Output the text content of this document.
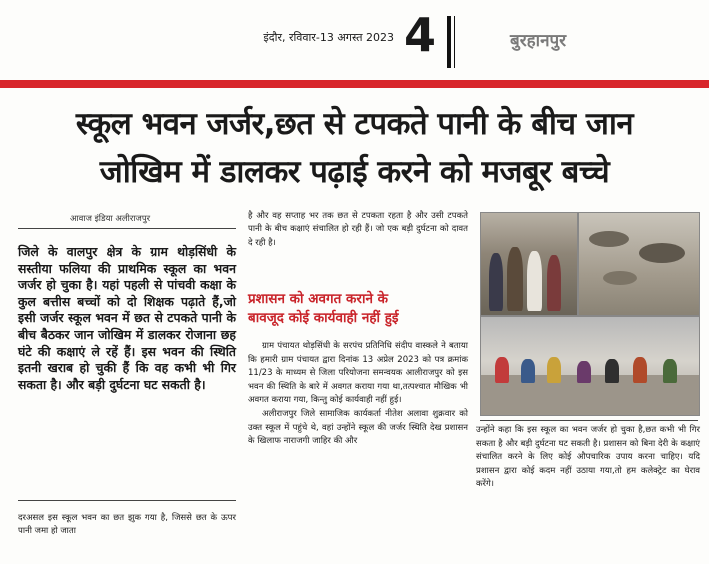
इंदौर, रविवार-13 अगस्त 2023 4	बुरहानपुर
स्कूल भवन जर्जर,छत से टपकते पानी के बीच जान
जोखिम में डालकर पढ़ाई करने को मजबूर बच्चे
आवाज इंडिया अलीराजपुर
जिले के वालपुर क्षेत्र के ग्राम थोड़सिंधी के सस्तीया फलिया की प्राथमिक स्कूल का भवन जर्जर हो चुका है। यहां पहली से पांचवी कक्षा के कुल बत्तीस बच्चों को दो शिक्षक पढ़ाते हैं,जो इसी जर्जर स्कूल भवन में छत से टपकते पानी के बीच बैठकर जान जोखिम में डालकर रोजाना छह घंटे की कक्षाएं ले रहें हैं। इस भवन की स्थिति इतनी खराब हो चुकी हैं कि वह कभी भी गिर सकता है। और बड़ी दुर्घटना घट सकती है।
दरअसल इस स्कूल भवन का छत झुक गया है, जिससे छत के ऊपर पानी जमा हो जाता
है और वह सप्ताह भर तक छत से टपकता रहता है और उसी टपकते पानी के बीच कक्षाएं संचालित हो रही हैं। जो एक बड़ी दुर्घटना को दावत दे रही है।
प्रशासन को अवगत कराने के
बावजूद कोई कार्यवाही नहीं हुई
ग्राम पंचायत थोड़सिंधी के सरपंच प्रतिनिधि संदीप वास्कले ने बताया कि हमारी ग्राम पंचायत द्वारा दिनांक 13 अप्रेल 2023 को पत्र क्रमांक 11/23 के माध्यम से जिला परियोजना समन्वयक आलीराजपुर को इस भवन की स्थिति के बारे में अवगत कराया गया था,तत्पश्चात मौखिक भी अवगत कराया गया, किन्तु कोई कार्यवाही नहीं हुई।
अलीराजपुर जिले सामाजिक कार्यकर्ता नीतेश अलावा शुक्रवार को उक्त स्कूल में पहुंचे थे, वहां उन्होंने स्कूल की जर्जर स्थिति देख प्रशासन के खिलाफ नाराजगी जाहिर की और
उन्होंने कहा कि इस स्कूल का भवन जर्जर हो चुका है,छत कभी भी गिर सकता है और बड़ी दुर्घटना घट सकती है। प्रशासन को बिना देरी के कक्षाएं संचालित करने के लिए कोई औपचारिक उपाय करना चाहिए। यदि प्रशासन द्वारा कोई कदम नहीं उठाया गया,तो हम कलेक्ट्रेट का घेराव करेंगे।
